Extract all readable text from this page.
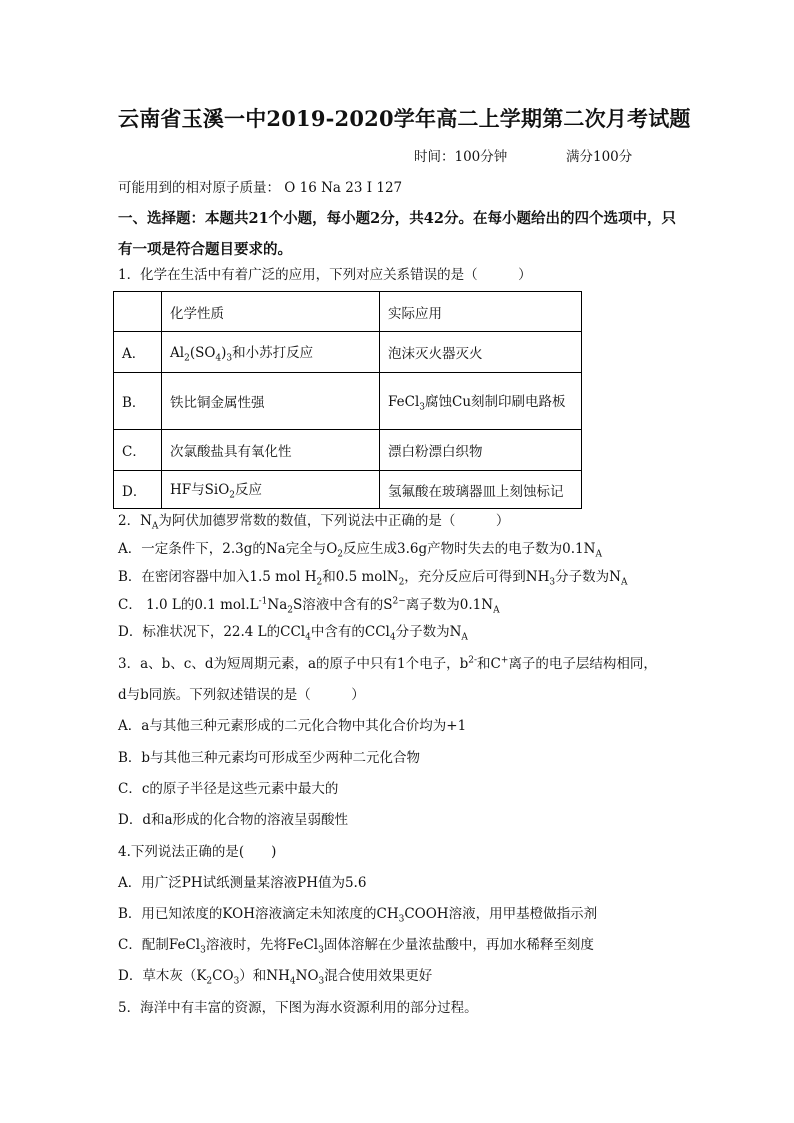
云南省玉溪一中2019-2020学年高二上学期第二次月考试题
时间：100分钟	满分100分
可能用到的相对原子质量： O 16 Na 23 I 127
一、选择题：本题共21个小题，每小题2分，共42分。在每小题给出的四个选项中，只
有一项是符合题目要求的。
1．化学在生活中有着广泛的应用，下列对应关系错误的是（　　　）
	化学性质	实际应用
A．	$Al_2(SO_4)_3$和小苏打反应	泡沫灭火器灭火
B．	铁比铜金属性强	FeCl$_3$腐蚀Cu刻制印刷电路板
C．	次氯酸盐具有氧化性	漂白粉漂白织物
D．	HF与SiO$_2$反应	氢氟酸在玻璃器皿上刻蚀标记
2．$N_A$为阿伏加德罗常数的数值，下列说法中正确的是（　　　）
A．一定条件下，2.3g的Na完全与$O_2$反应生成3.6g产物时失去的电子数为$0.1N_A$
B．在密闭容器中加入1.5 mol $H_2$和0.5 molN$_2$，充分反应后可得到$NH_3$分子数为$N_A$
C． 1.0 L的0.1 $mol.L^{-1}Na_2S$溶液中含有的$S^{2-}$离子数为$0.1N_A$
D．标准状况下，22.4 L的CCl$_4$中含有的CCl$_4$分子数为$N_A$
3．a、b、c、d为短周期元素，a的原子中只有1个电子，$b^{2-}$和C+离子的电子层结构相同，
d与b同族。下列叙述错误的是（　　　）
A．a与其他三种元素形成的二元化合物中其化合价均为+1
B．b与其他三种元素均可形成至少两种二元化合物
C．c的原子半径是这些元素中最大的
D．d和a形成的化合物的溶液呈弱酸性
4.下列说法正确的是(　　)
A．用广泛PH试纸测量某溶液PH值为5.6
B．用已知浓度的KOH溶液滴定未知浓度的$CH_3COOH$溶液，用甲基橙做指示剂
C．配制FeCl$_3$溶液时，先将FeCl$_3$固体溶解在少量浓盐酸中，再加水稀释至刻度
D．草木灰$(K_2CO_3)$和$NH_4NO_3$混合使用效果更好
5．海洋中有丰富的资源，下图为海水资源利用的部分过程。
